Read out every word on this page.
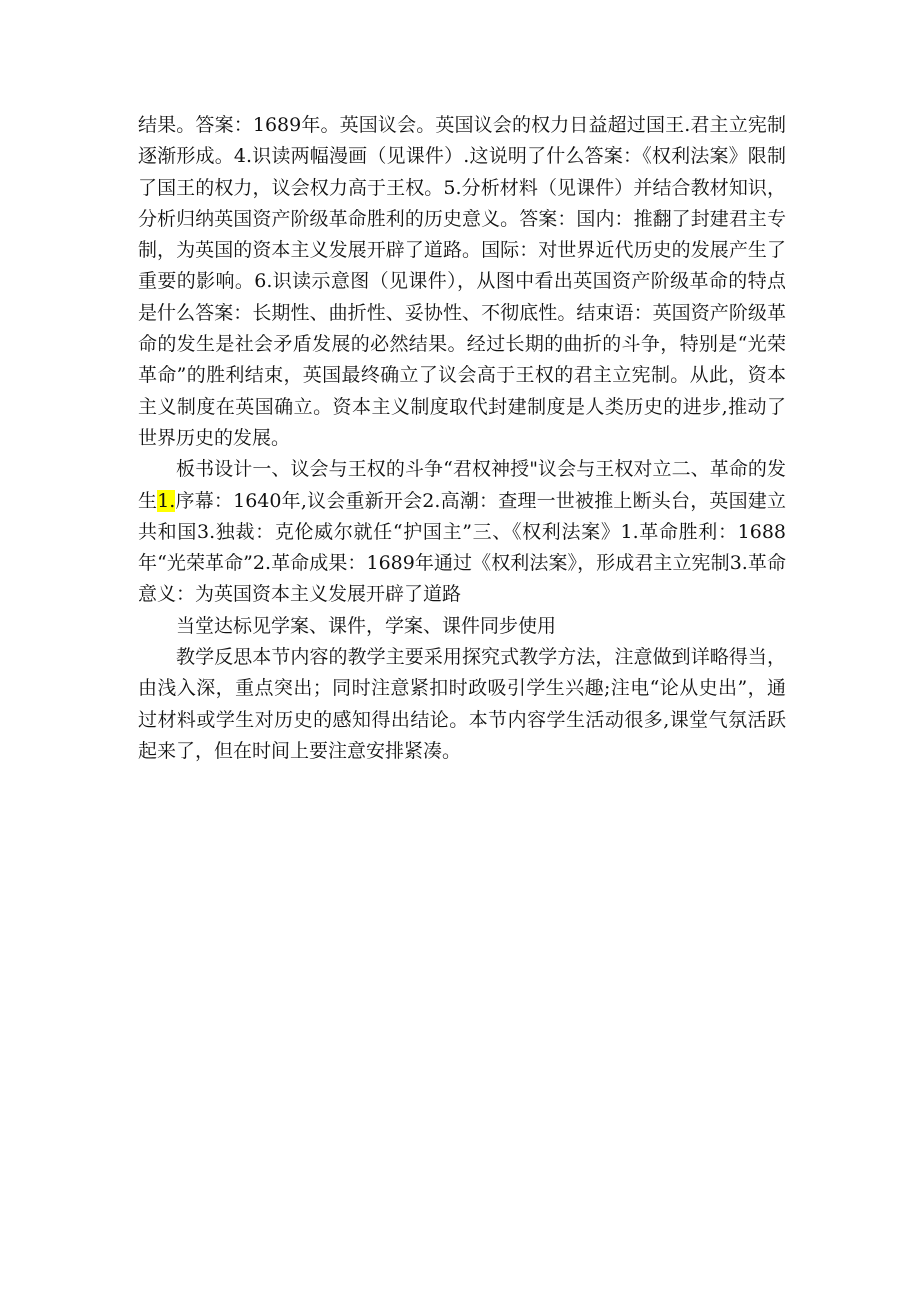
结果。答案：1689年。英国议会。英国议会的权力日益超过国王.君主立宪制逐渐形成。4.识读两幅漫画（见课件）.这说明了什么答案：《权利法案》限制了国王的权力，议会权力高于王权。5.分析材料（见课件）并结合教材知识，分析归纳英国资产阶级革命胜利的历史意义。答案：国内：推翻了封建君主专制，为英国的资本主义发展开辟了道路。国际：对世界近代历史的发展产生了重要的影响。6.识读示意图（见课件），从图中看出英国资产阶级革命的特点是什么答案：长期性、曲折性、妥协性、不彻底性。结束语：英国资产阶级革命的发生是社会矛盾发展的必然结果。经过长期的曲折的斗争，特别是“光荣革命”的胜利结束，英国最终确立了议会高于王权的君主立宪制。从此，资本主义制度在英国确立。资本主义制度取代封建制度是人类历史的进步,推动了世界历史的发展。

板书设计一、议会与王权的斗争“君权神授"议会与王权对立二、革命的发生1.序幕：1640年,议会重新开会2.高潮：查理一世被推上断头台，英国建立共和国3.独裁：克伦威尔就任“护国主”三、《权利法案》1.革命胜利：1688年“光荣革命”2.革命成果：1689年通过《权利法案》，形成君主立宪制3.革命意义：为英国资本主义发展开辟了道路

当堂达标见学案、课件，学案、课件同步使用

教学反思本节内容的教学主要采用探究式教学方法，注意做到详略得当，由浅入深，重点突出；同时注意紧扣时政吸引学生兴趣;注电“论从史出”，通过材料或学生对历史的感知得出结论。本节内容学生活动很多,课堂气氛活跃起来了，但在时间上要注意安排紧凑。
